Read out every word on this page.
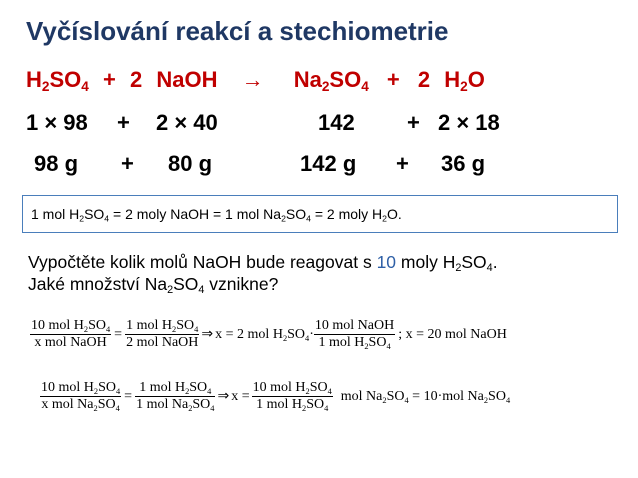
Vyčíslování reakcí a stechiometrie
$H_2SO_4 + 2$ NaOH → $Na_2SO_4 + 2$ $H_2O$
1 × 98 + 2 × 40	142 + 2 × 18
98 g + 80 g	142 g + 36 g
1 mol $H_2SO_4 = 2$ moly NaOH = 1 mol $Na_2SO_4 = 2$ moly $H_2O$.
Vypočtěte kolik molů NaOH bude reagovat s 10 moly $H_2SO_4$.
Jaké množství $Na_2SO_4$ vznikne?
$\frac{10 mol H_2SO_4}{\text{x mol NaOH}} = \frac{1 mol H_2SO_4}{\text{2 mol NaOH}}$ ⇒ x = 2 mol $H_2SO_4\cdot \frac{\text{10 mol NaOH}}{1 mol H_2SO_4}$ ; x = 20 mol NaOH
$\frac{10 mol H_2SO_4}{x mol Na_2SO_4} = \frac{1 mol H_2SO_4}{1 mol Na_2SO_4}$ ⇒ $x = \frac{10 mol H_2SO_4}{1 mol H_2SO_4}$ mol $Na_2SO_4 = 10\cdot mol$ $Na_2SO_4$
